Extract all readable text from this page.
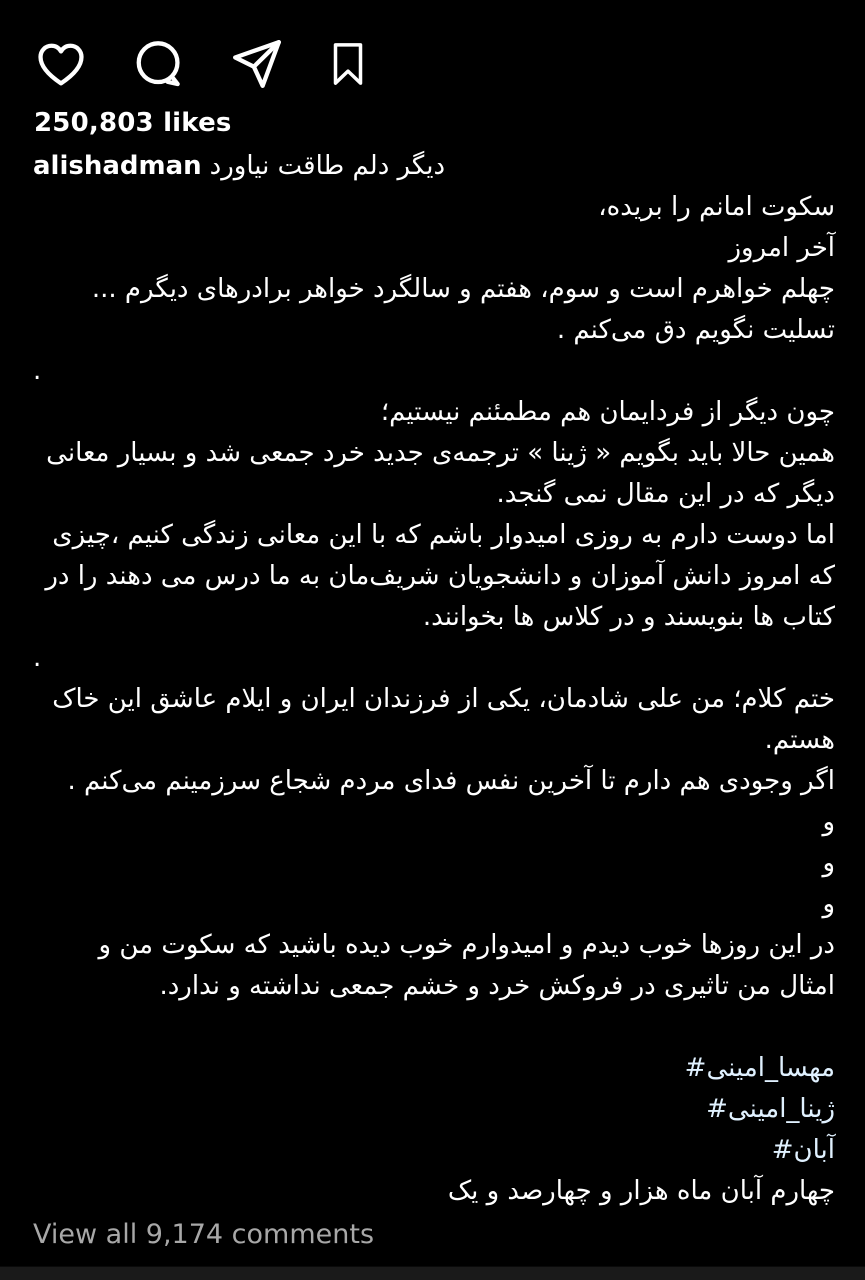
250,803 likes
alishadman دیگر دلم طاقت نیاورد
سکوت امانم را بریده،
آخر امروز
چهلم خواهرم است و سوم، هفتم و سالگرد خواهر برادرهای دیگرم ...
تسلیت نگویم دق می‌کنم .
.
چون دیگر از فردایمان هم مطمئنم نیستیم؛
همین حالا باید بگویم « ژینا » ترجمه‌ی جدید خرد جمعی شد و بسیار معانی
دیگر که در این مقال نمی گنجد.
اما دوست دارم به روزی امیدوار باشم که با این معانی زندگی کنیم ،چیزی
که امروز دانش آموزان و دانشجویان شریف‌مان به ما درس می دهند را در
کتاب ها بنویسند و در کلاس ها بخوانند.
.
ختم کلام؛ من علی شادمان، یکی از فرزندان ایران و ایلام عاشق این خاک
هستم.
اگر وجودی هم دارم تا آخرین نفس فدای مردم شجاع سرزمینم می‌کنم .
و
و
و
در این روزها خوب دیدم و امیدوارم خوب دیده باشید که سکوت من و
امثال من تاثیری در فروکش خرد و خشم جمعی نداشته و ندارد.
#مهسا_امینی
#ژینا_امینی
#آبان
چهارم آبان ماه هزار و چهارصد و یک
View all 9,174 comments
